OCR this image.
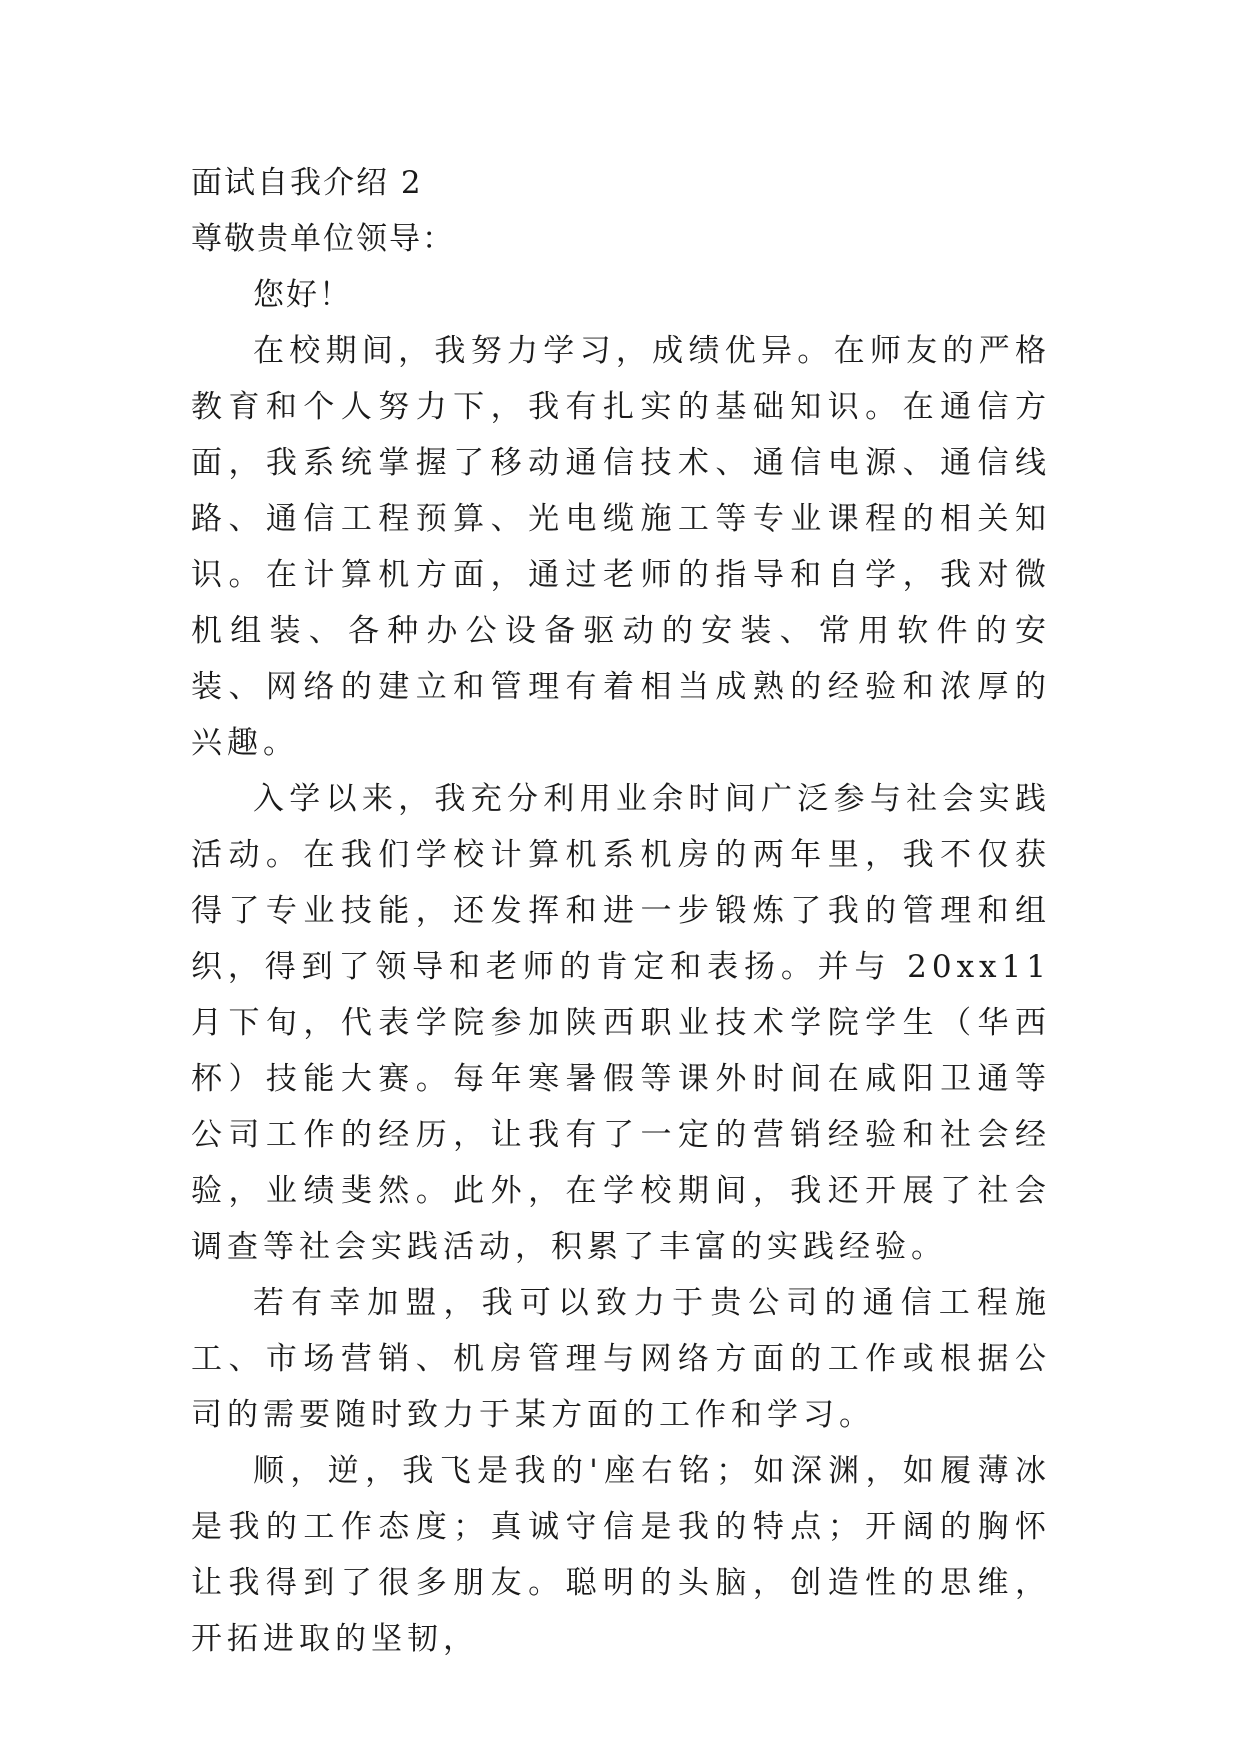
面试自我介绍 2

尊敬贵单位领导：

您好！

在校期间，我努力学习，成绩优异。在师友的严格教育和个人努力下，我有扎实的基础知识。在通信方面，我系统掌握了移动通信技术、通信电源、通信线路、通信工程预算、光电缆施工等专业课程的相关知识。在计算机方面，通过老师的指导和自学，我对微机组装、各种办公设备驱动的安装、常用软件的安装、网络的建立和管理有着相当成熟的经验和浓厚的兴趣。

入学以来，我充分利用业余时间广泛参与社会实践活动。在我们学校计算机系机房的两年里，我不仅获得了专业技能，还发挥和进一步锻炼了我的管理和组织，得到了领导和老师的肯定和表扬。并与 20xx11 月下旬，代表学院参加陕西职业技术学院学生（华西杯）技能大赛。每年寒暑假等课外时间在咸阳卫通等公司工作的经历，让我有了一定的营销经验和社会经验，业绩斐然。此外，在学校期间，我还开展了社会调查等社会实践活动，积累了丰富的实践经验。

若有幸加盟，我可以致力于贵公司的通信工程施工、市场营销、机房管理与网络方面的工作或根据公司的需要随时致力于某方面的工作和学习。

顺，逆，我飞是我的'座右铭；如深渊，如履薄冰是我的工作态度；真诚守信是我的特点；开阔的胸怀让我得到了很多朋友。聪明的头脑，创造性的思维，开拓进取的坚韧，
